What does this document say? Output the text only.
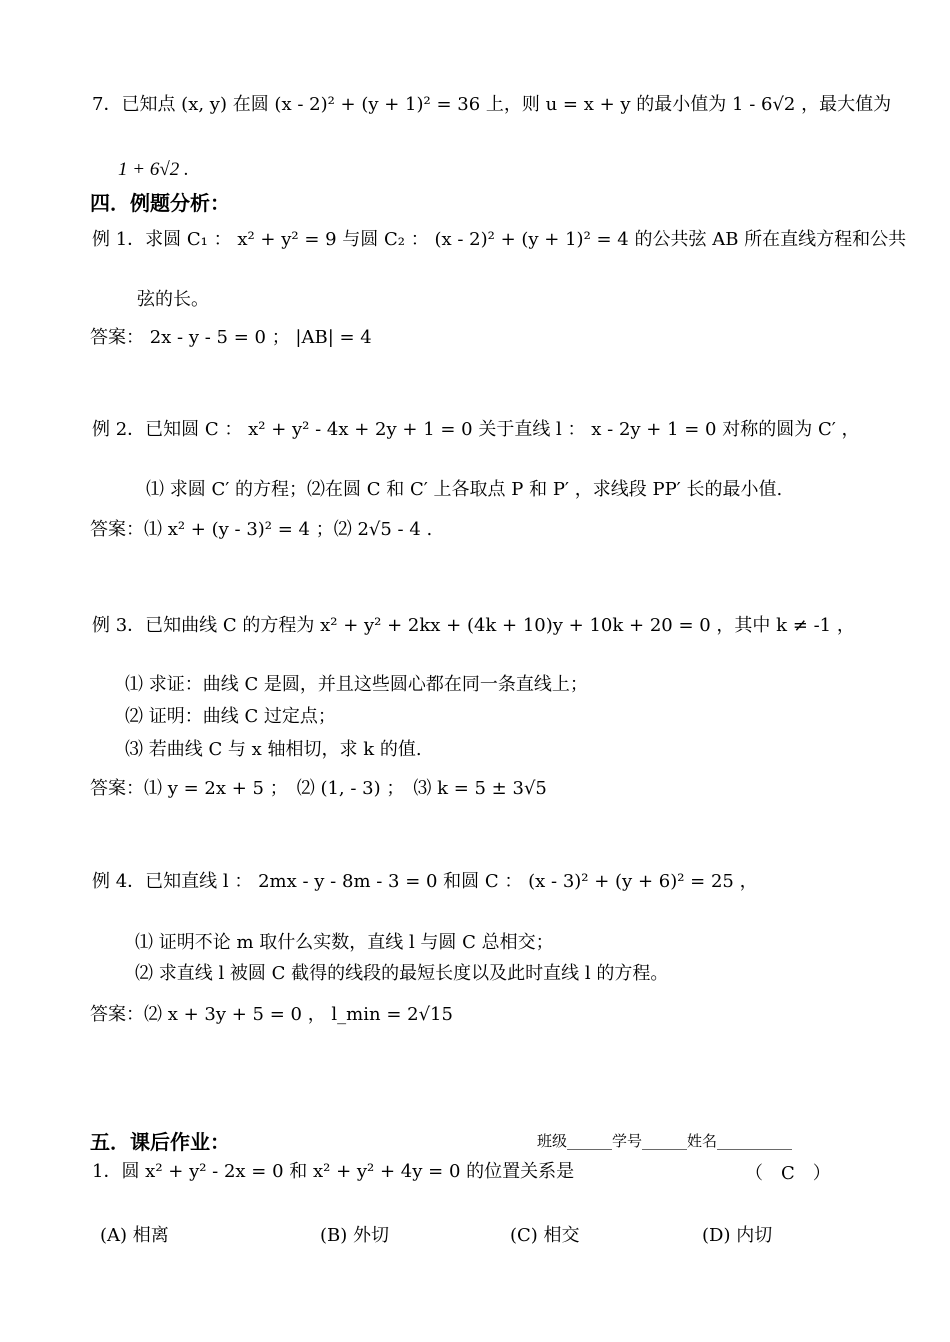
7．已知点 (x, y) 在圆 (x - 2)² + (y + 1)² = 36 上，则 u = x + y 的最小值为 1 - 6√2 ，最大值为
1 + 6√2 .
四．例题分析：
例 1．求圆 C₁ ： x² + y² = 9 与圆 C₂ ： (x - 2)² + (y + 1)² = 4 的公共弦 AB 所在直线方程和公共
弦的长。
答案： 2x - y - 5 = 0 ； |AB| = 4
例 2．已知圆 C ： x² + y² - 4x + 2y + 1 = 0 关于直线 l ： x - 2y + 1 = 0 对称的圆为 C′ ，
⑴ 求圆 C′ 的方程；⑵在圆 C 和 C′ 上各取点 P 和 P′ ，求线段 PP′ 长的最小值.
答案：⑴ x² + (y - 3)² = 4 ；⑵ 2√5 - 4 .
例 3．已知曲线 C 的方程为 x² + y² + 2kx + (4k + 10)y + 10k + 20 = 0 ，其中 k ≠ -1 ，
⑴ 求证：曲线 C 是圆，并且这些圆心都在同一条直线上；
⑵ 证明：曲线 C 过定点；
⑶ 若曲线 C 与 x 轴相切，求 k 的值.
答案：⑴ y = 2x + 5 ；　⑵ (1, - 3) ；　⑶ k = 5 ± 3√5
例 4．已知直线 l ： 2mx - y - 8m - 3 = 0 和圆 C ： (x - 3)² + (y + 6)² = 25 ，
⑴ 证明不论 m 取什么实数，直线 l 与圆 C 总相交；
⑵ 求直线 l 被圆 C 截得的线段的最短长度以及此时直线 l 的方程。
答案：⑵ x + 3y + 5 = 0 ， l_min = 2√15
五．课后作业：	班级______学号______姓名__________
1．圆 x² + y² - 2x = 0 和 x² + y² + 4y = 0 的位置关系是	（　C　）
(A) 相离	(B) 外切	(C) 相交	(D) 内切
